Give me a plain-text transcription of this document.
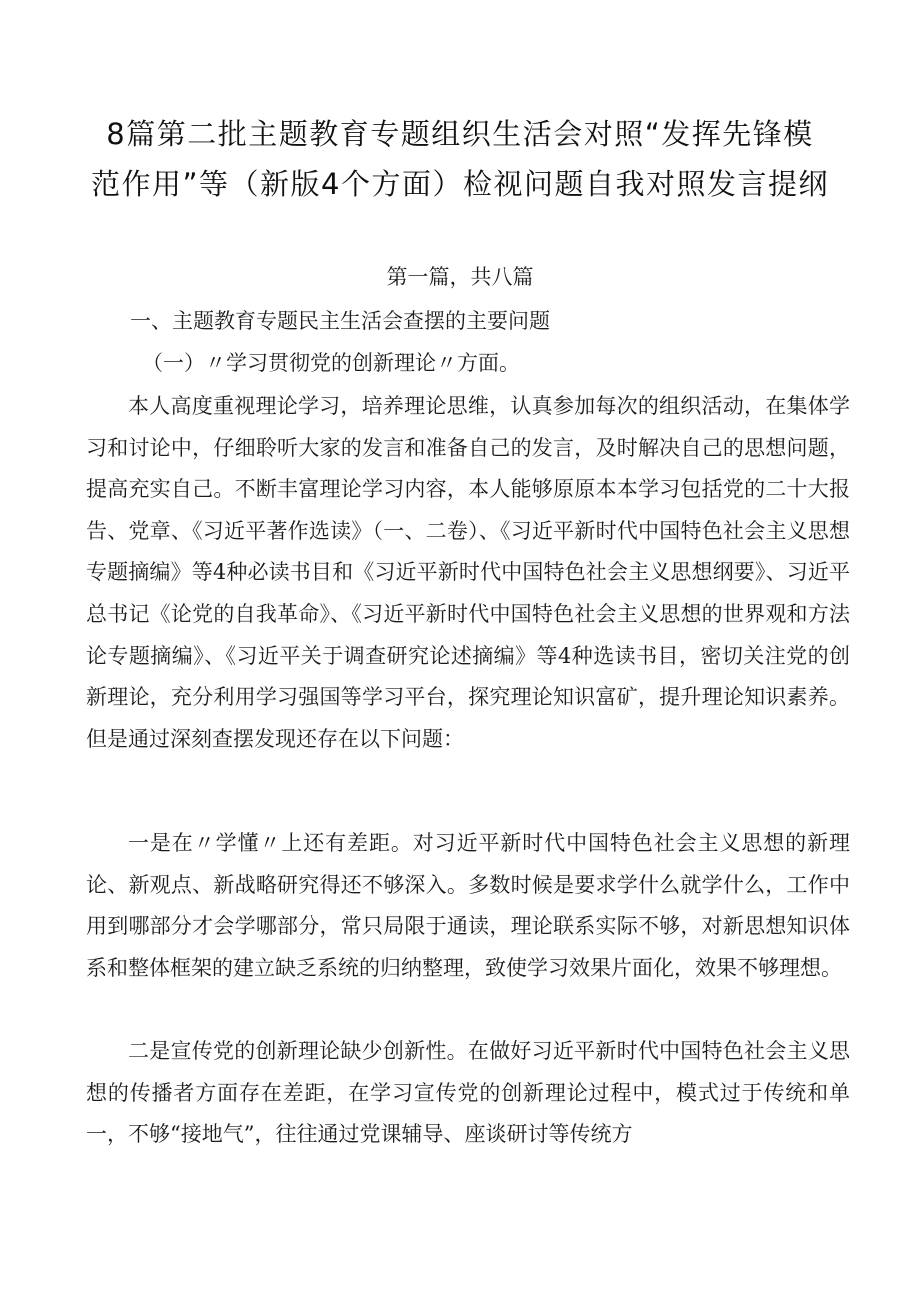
8篇第二批主题教育专题组织生活会对照“发挥先锋模
范作用”等（新版4个方面）检视问题自我对照发言提纲
第一篇，共八篇
一、主题教育专题民主生活会查摆的主要问题
（一）〃学习贯彻党的创新理论〃方面。

本人高度重视理论学习，培养理论思维，认真参加每次的组织活动，在集体学习和讨论中，仔细聆听大家的发言和准备自己的发言，及时解决自己的思想问题，提高充实自己。不断丰富理论学习内容，本人能够原原本本学习包括党的二十大报告、党章、《习近平著作选读》（一、二卷）、《习近平新时代中国特色社会主义思想专题摘编》等4种必读书目和《习近平新时代中国特色社会主义思想纲要》、习近平总书记《论党的自我革命》、《习近平新时代中国特色社会主义思想的世界观和方法论专题摘编》、《习近平关于调查研究论述摘编》等4种选读书目，密切关注党的创新理论，充分利用学习强国等学习平台，探究理论知识富矿，提升理论知识素养。但是通过深刻查摆发现还存在以下问题：

一是在〃学懂〃上还有差距。对习近平新时代中国特色社会主义思想的新理论、新观点、新战略研究得还不够深入。多数时候是要求学什么就学什么，工作中用到哪部分才会学哪部分，常只局限于通读，理论联系实际不够，对新思想知识体系和整体框架的建立缺乏系统的归纳整理，致使学习效果片面化，效果不够理想。

二是宣传党的创新理论缺少创新性。在做好习近平新时代中国特色社会主义思想的传播者方面存在差距，在学习宣传党的创新理论过程中，模式过于传统和单一，不够“接地气”，往往通过党课辅导、座谈研讨等传统方
